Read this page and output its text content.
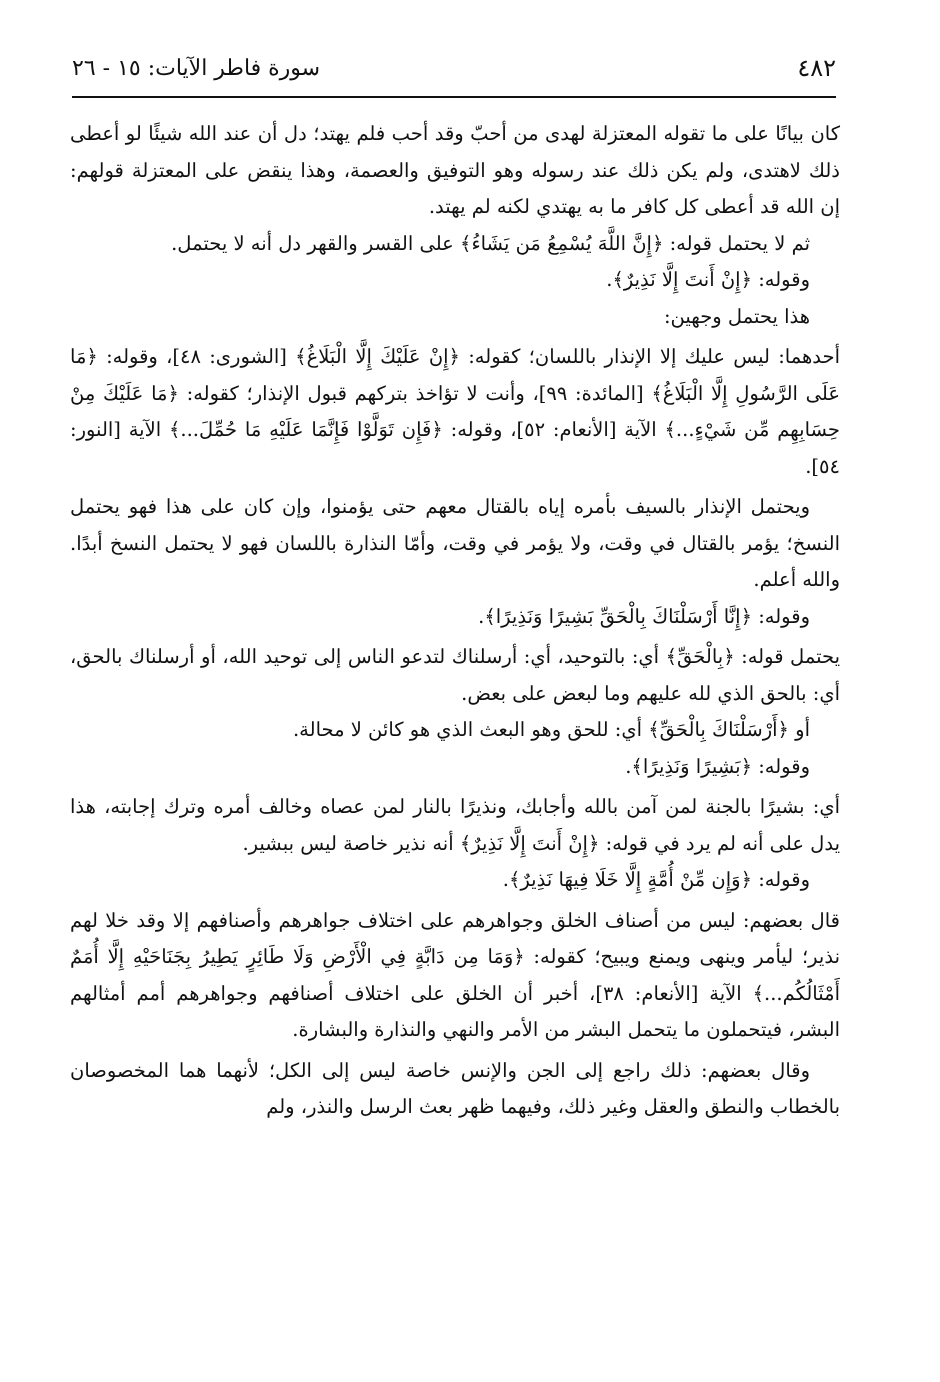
٤٨٢
سورة فاطر الآيات: ١٥ - ٢٦

كان بيانًا على ما تقوله المعتزلة لهدى من أحبّ وقد أحب فلم يهتد؛ دل أن عند الله شيئًا لو أعطى ذلك لاهتدى، ولم يكن ذلك عند رسوله وهو التوفيق والعصمة، وهذا ينقض على المعتزلة قولهم: إن الله قد أعطى كل كافر ما به يهتدي لكنه لم يهتد.

ثم لا يحتمل قوله: ﴿إِنَّ اللَّهَ يُسْمِعُ مَن يَشَاءُ﴾ على القسر والقهر دل أنه لا يحتمل.

وقوله: ﴿إِنْ أَنتَ إِلَّا نَذِيرٌ﴾.

هذا يحتمل وجهين:

أحدهما: ليس عليك إلا الإنذار باللسان؛ كقوله: ﴿إِنْ عَلَيْكَ إِلَّا الْبَلَاغُ﴾ [الشورى: ٤٨]، وقوله: ﴿مَا عَلَى الرَّسُولِ إِلَّا الْبَلَاغُ﴾ [المائدة: ٩٩]، وأنت لا تؤاخذ بتركهم قبول الإنذار؛ كقوله: ﴿مَا عَلَيْكَ مِنْ حِسَابِهِم مِّن شَيْءٍ...﴾ الآية [الأنعام: ٥٢]، وقوله: ﴿فَإِن تَوَلَّوْا فَإِنَّمَا عَلَيْهِ مَا حُمِّلَ...﴾ الآية [النور: ٥٤].

ويحتمل الإنذار بالسيف بأمره إياه بالقتال معهم حتى يؤمنوا، وإن كان على هذا فهو يحتمل النسخ؛ يؤمر بالقتال في وقت، ولا يؤمر في وقت، وأمّا النذارة باللسان فهو لا يحتمل النسخ أبدًا. والله أعلم.

وقوله: ﴿إِنَّا أَرْسَلْنَاكَ بِالْحَقِّ بَشِيرًا وَنَذِيرًا﴾.

يحتمل قوله: ﴿بِالْحَقِّ﴾ أي: بالتوحيد، أي: أرسلناك لتدعو الناس إلى توحيد الله، أو أرسلناك بالحق، أي: بالحق الذي لله عليهم وما لبعض على بعض.

أو ﴿أَرْسَلْنَاكَ بِالْحَقِّ﴾ أي: للحق وهو البعث الذي هو كائن لا محالة.

وقوله: ﴿بَشِيرًا وَنَذِيرًا﴾.

أي: بشيرًا بالجنة لمن آمن بالله وأجابك، ونذيرًا بالنار لمن عصاه وخالف أمره وترك إجابته، هذا يدل على أنه لم يرد في قوله: ﴿إِنْ أَنتَ إِلَّا نَذِيرٌ﴾ أنه نذير خاصة ليس ببشير.

وقوله: ﴿وَإِن مِّنْ أُمَّةٍ إِلَّا خَلَا فِيهَا نَذِيرٌ﴾.

قال بعضهم: ليس من أصناف الخلق وجواهرهم على اختلاف جواهرهم وأصنافهم إلا وقد خلا لهم نذير؛ ليأمر وينهى ويمنع ويبيح؛ كقوله: ﴿وَمَا مِن دَابَّةٍ فِي الْأَرْضِ وَلَا طَائِرٍ يَطِيرُ بِجَنَاحَيْهِ إِلَّا أُمَمٌ أَمْثَالُكُم...﴾ الآية [الأنعام: ٣٨]، أخبر أن الخلق على اختلاف أصنافهم وجواهرهم أمم أمثالهم البشر، فيتحملون ما يتحمل البشر من الأمر والنهي والنذارة والبشارة.

وقال بعضهم: ذلك راجع إلى الجن والإنس خاصة ليس إلى الكل؛ لأنهما هما المخصوصان بالخطاب والنطق والعقل وغير ذلك، وفيهما ظهر بعث الرسل والنذر، ولم
